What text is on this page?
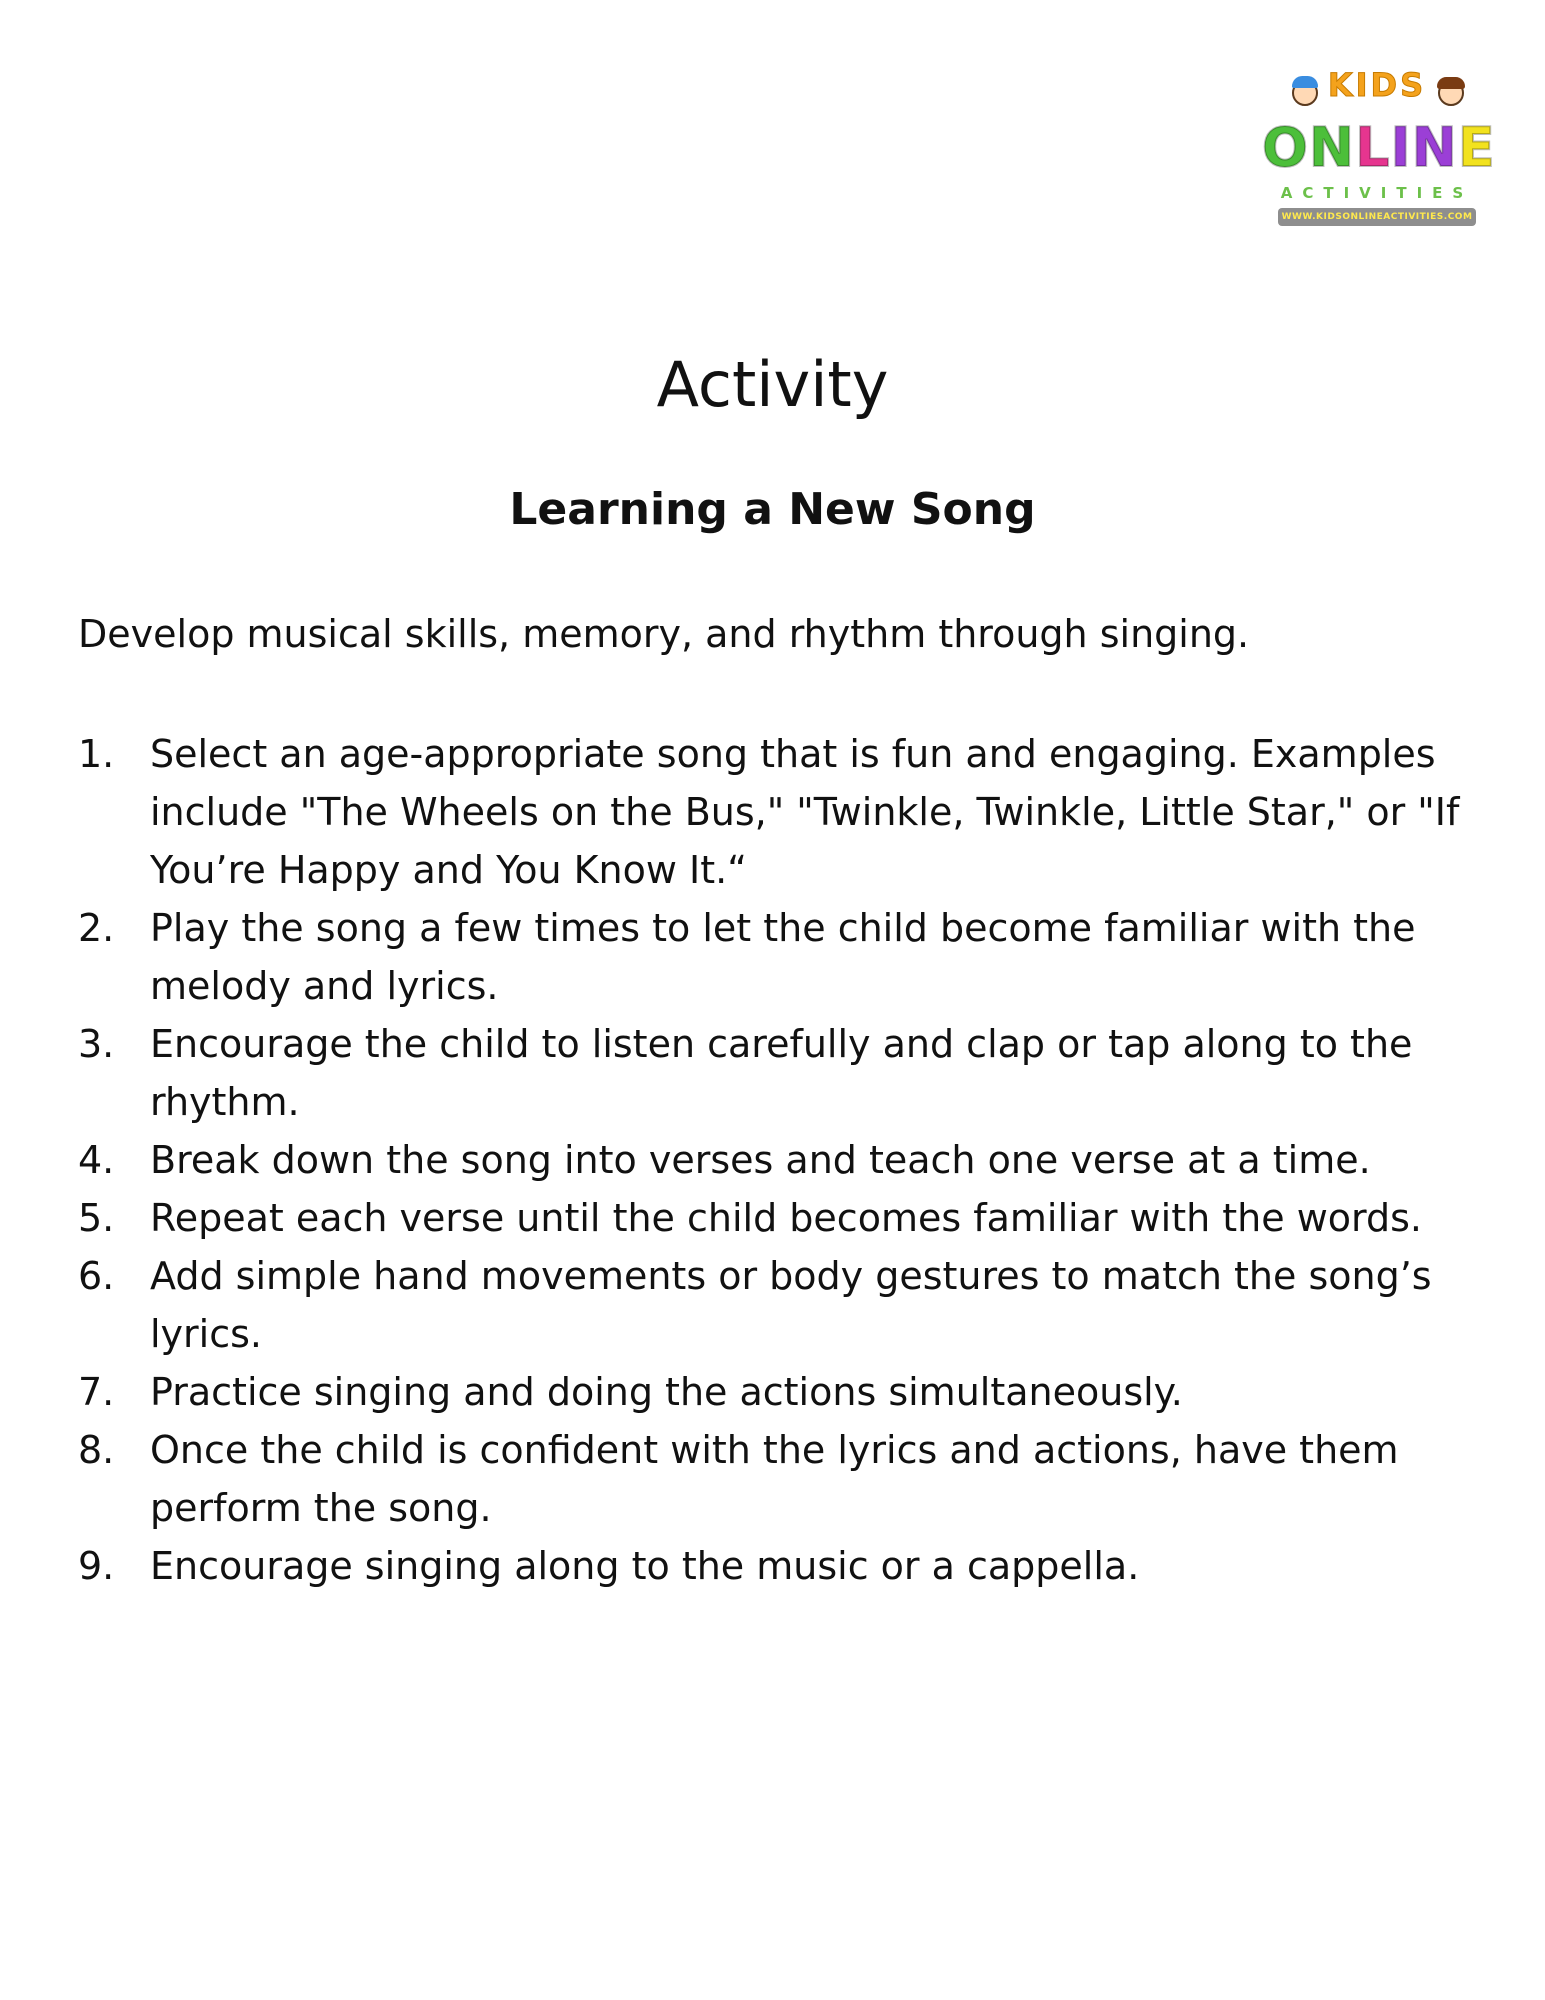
KIDS
ONLINE
ACTIVITIES
WWW.KIDSONLINEACTIVITIES.COM
Activity
Learning a New Song

Develop musical skills, memory, and rhythm through singing.

1. Select an age-appropriate song that is fun and engaging. Examples include "The Wheels on the Bus," "Twinkle, Twinkle, Little Star," or "If You’re Happy and You Know It.“
2. Play the song a few times to let the child become familiar with the melody and lyrics.
3. Encourage the child to listen carefully and clap or tap along to the rhythm.
4. Break down the song into verses and teach one verse at a time.
5. Repeat each verse until the child becomes familiar with the words.
6. Add simple hand movements or body gestures to match the song’s lyrics.
7. Practice singing and doing the actions simultaneously.
8. Once the child is confident with the lyrics and actions, have them perform the song.
9. Encourage singing along to the music or a cappella.
